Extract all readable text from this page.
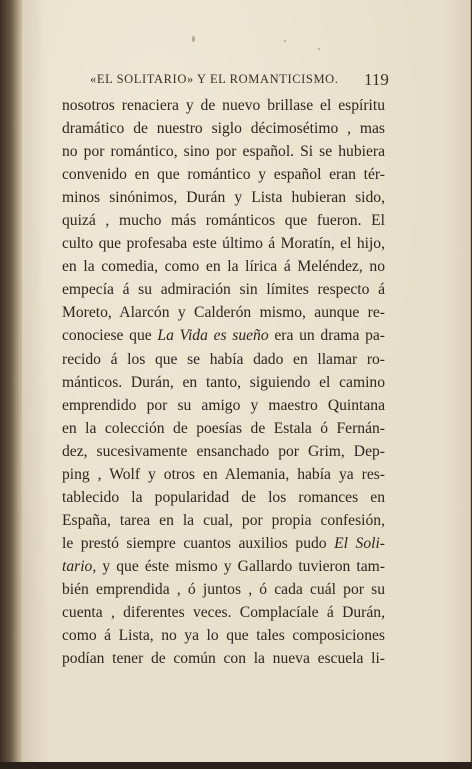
«EL SOLITARIO» Y EL ROMANTICISMO.	119
nosotros renaciera y de nuevo brillase el espíritu
dramático de nuestro siglo décimosétimo , mas
no por romántico, sino por español. Si se hubiera
convenido en que romántico y español eran tér-
minos sinónimos, Durán y Lista hubieran sido,
quizá , mucho más románticos que fueron. El
culto que profesaba este último á Moratín, el hijo,
en la comedia, como en la lírica á Meléndez, no
empecía á su admiración sin límites respecto á
Moreto, Alarcón y Calderón mismo, aunque re-
conociese que La Vida es sueño era un drama pa-
recido á los que se había dado en llamar ro-
mánticos. Durán, en tanto, siguiendo el camino
emprendido por su amigo y maestro Quintana
en la colección de poesías de Estala ó Fernán-
dez, sucesivamente ensanchado por Grim, Dep-
ping , Wolf y otros en Alemania, había ya res-
tablecido la popularidad de los romances en
España, tarea en la cual, por propia confesión,
le prestó siempre cuantos auxilios pudo El Soli-
tario, y que éste mismo y Gallardo tuvieron tam-
bién emprendida , ó juntos , ó cada cuál por su
cuenta , diferentes veces. Complacíale á Durán,
como á Lista, no ya lo que tales composiciones
podían tener de común con la nueva escuela li-
